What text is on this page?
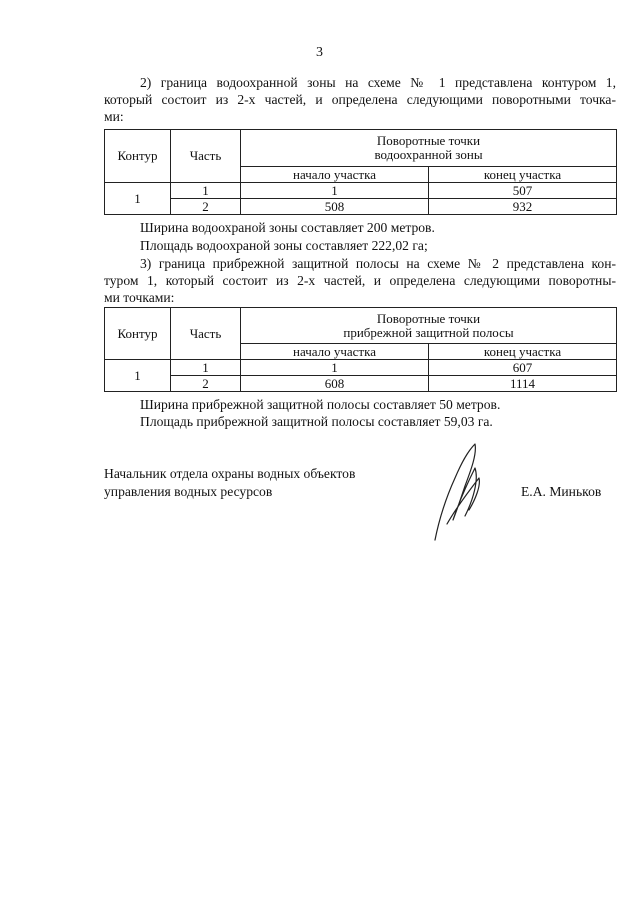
3
2) граница водоохранной зоны на схеме № 1 представлена контуром 1,
который состоит из 2-х частей, и определена следующими поворотными точка-
ми:
Контур	Часть	Поворотные точки
водоохранной зоны	

		начало участка	конец участка
1	1	1	507
	2	508	932
Ширина водоохраной зоны составляет 200 метров.
Площадь водоохраной зоны составляет 222,02 га;
3) граница прибрежной защитной полосы на схеме № 2 представлена кон-
туром 1, который состоит из 2-х частей, и определена следующими поворотны-
ми точками:
Контур	Часть	Поворотные точки
прибрежной защитной полосы	

		начало участка	конец участка
1	1	1	607
	2	608	1114
Ширина прибрежной защитной полосы составляет 50 метров.
Площадь прибрежной защитной полосы составляет 59,03 га.
Начальник отдела охраны водных объектов
управления водных ресурсов	Е.А. Миньков
